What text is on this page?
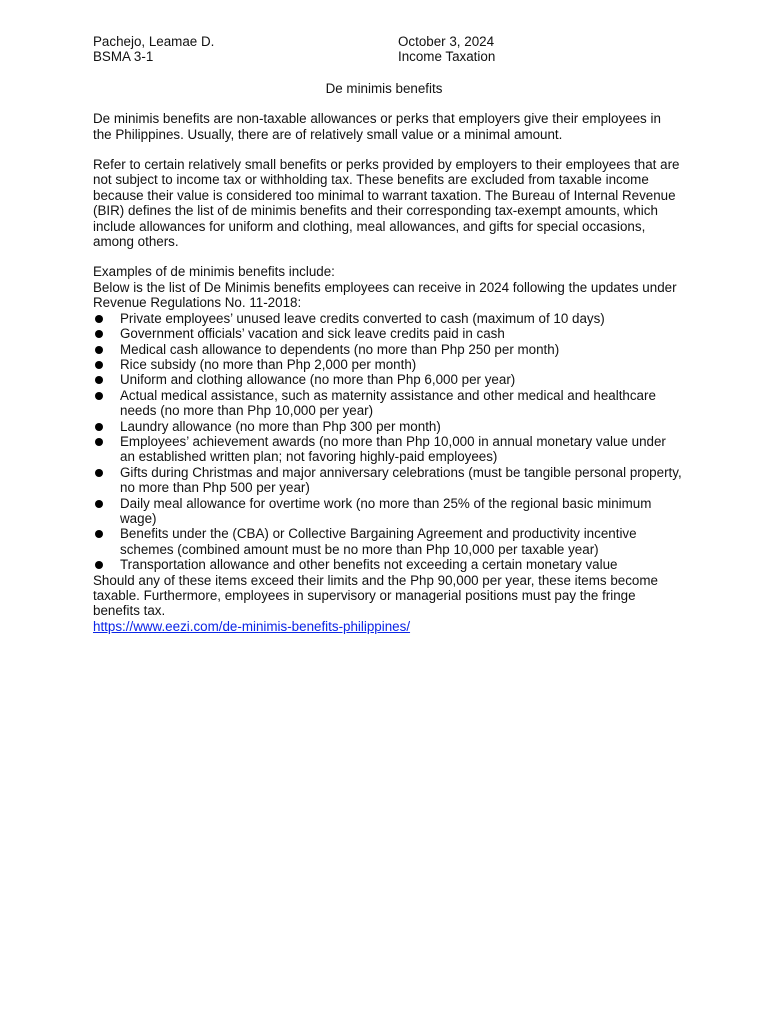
Pachejo, Leamae D.
BSMA 3-1
October 3, 2024
Income Taxation
De minimis benefits

De minimis benefits are non-taxable allowances or perks that employers give their employees in the Philippines. Usually, there are of relatively small value or a minimal amount.

Refer to certain relatively small benefits or perks provided by employers to their employees that are not subject to income tax or withholding tax. These benefits are excluded from taxable income because their value is considered too minimal to warrant taxation. The Bureau of Internal Revenue (BIR) defines the list of de minimis benefits and their corresponding tax-exempt amounts, which include allowances for uniform and clothing, meal allowances, and gifts for special occasions, among others.

Examples of de minimis benefits include:

Below is the list of De Minimis benefits employees can receive in 2024 following the updates under Revenue Regulations No. 11-2018:

Private employees’ unused leave credits converted to cash (maximum of 10 days)
Government officials’ vacation and sick leave credits paid in cash
Medical cash allowance to dependents (no more than Php 250 per month)
Rice subsidy (no more than Php 2,000 per month)
Uniform and clothing allowance (no more than Php 6,000 per year)
Actual medical assistance, such as maternity assistance and other medical and healthcare needs (no more than Php 10,000 per year)
Laundry allowance (no more than Php 300 per month)
Employees’ achievement awards (no more than Php 10,000 in annual monetary value under an established written plan; not favoring highly-paid employees)
Gifts during Christmas and major anniversary celebrations (must be tangible personal property, no more than Php 500 per year)
Daily meal allowance for overtime work (no more than 25% of the regional basic minimum wage)
Benefits under the (CBA) or Collective Bargaining Agreement and productivity incentive schemes (combined amount must be no more than Php 10,000 per taxable year)
Transportation allowance and other benefits not exceeding a certain monetary value

Should any of these items exceed their limits and the Php 90,000 per year, these items become taxable. Furthermore, employees in supervisory or managerial positions must pay the fringe benefits tax.

https://www.eezi.com/de-minimis-benefits-philippines/
